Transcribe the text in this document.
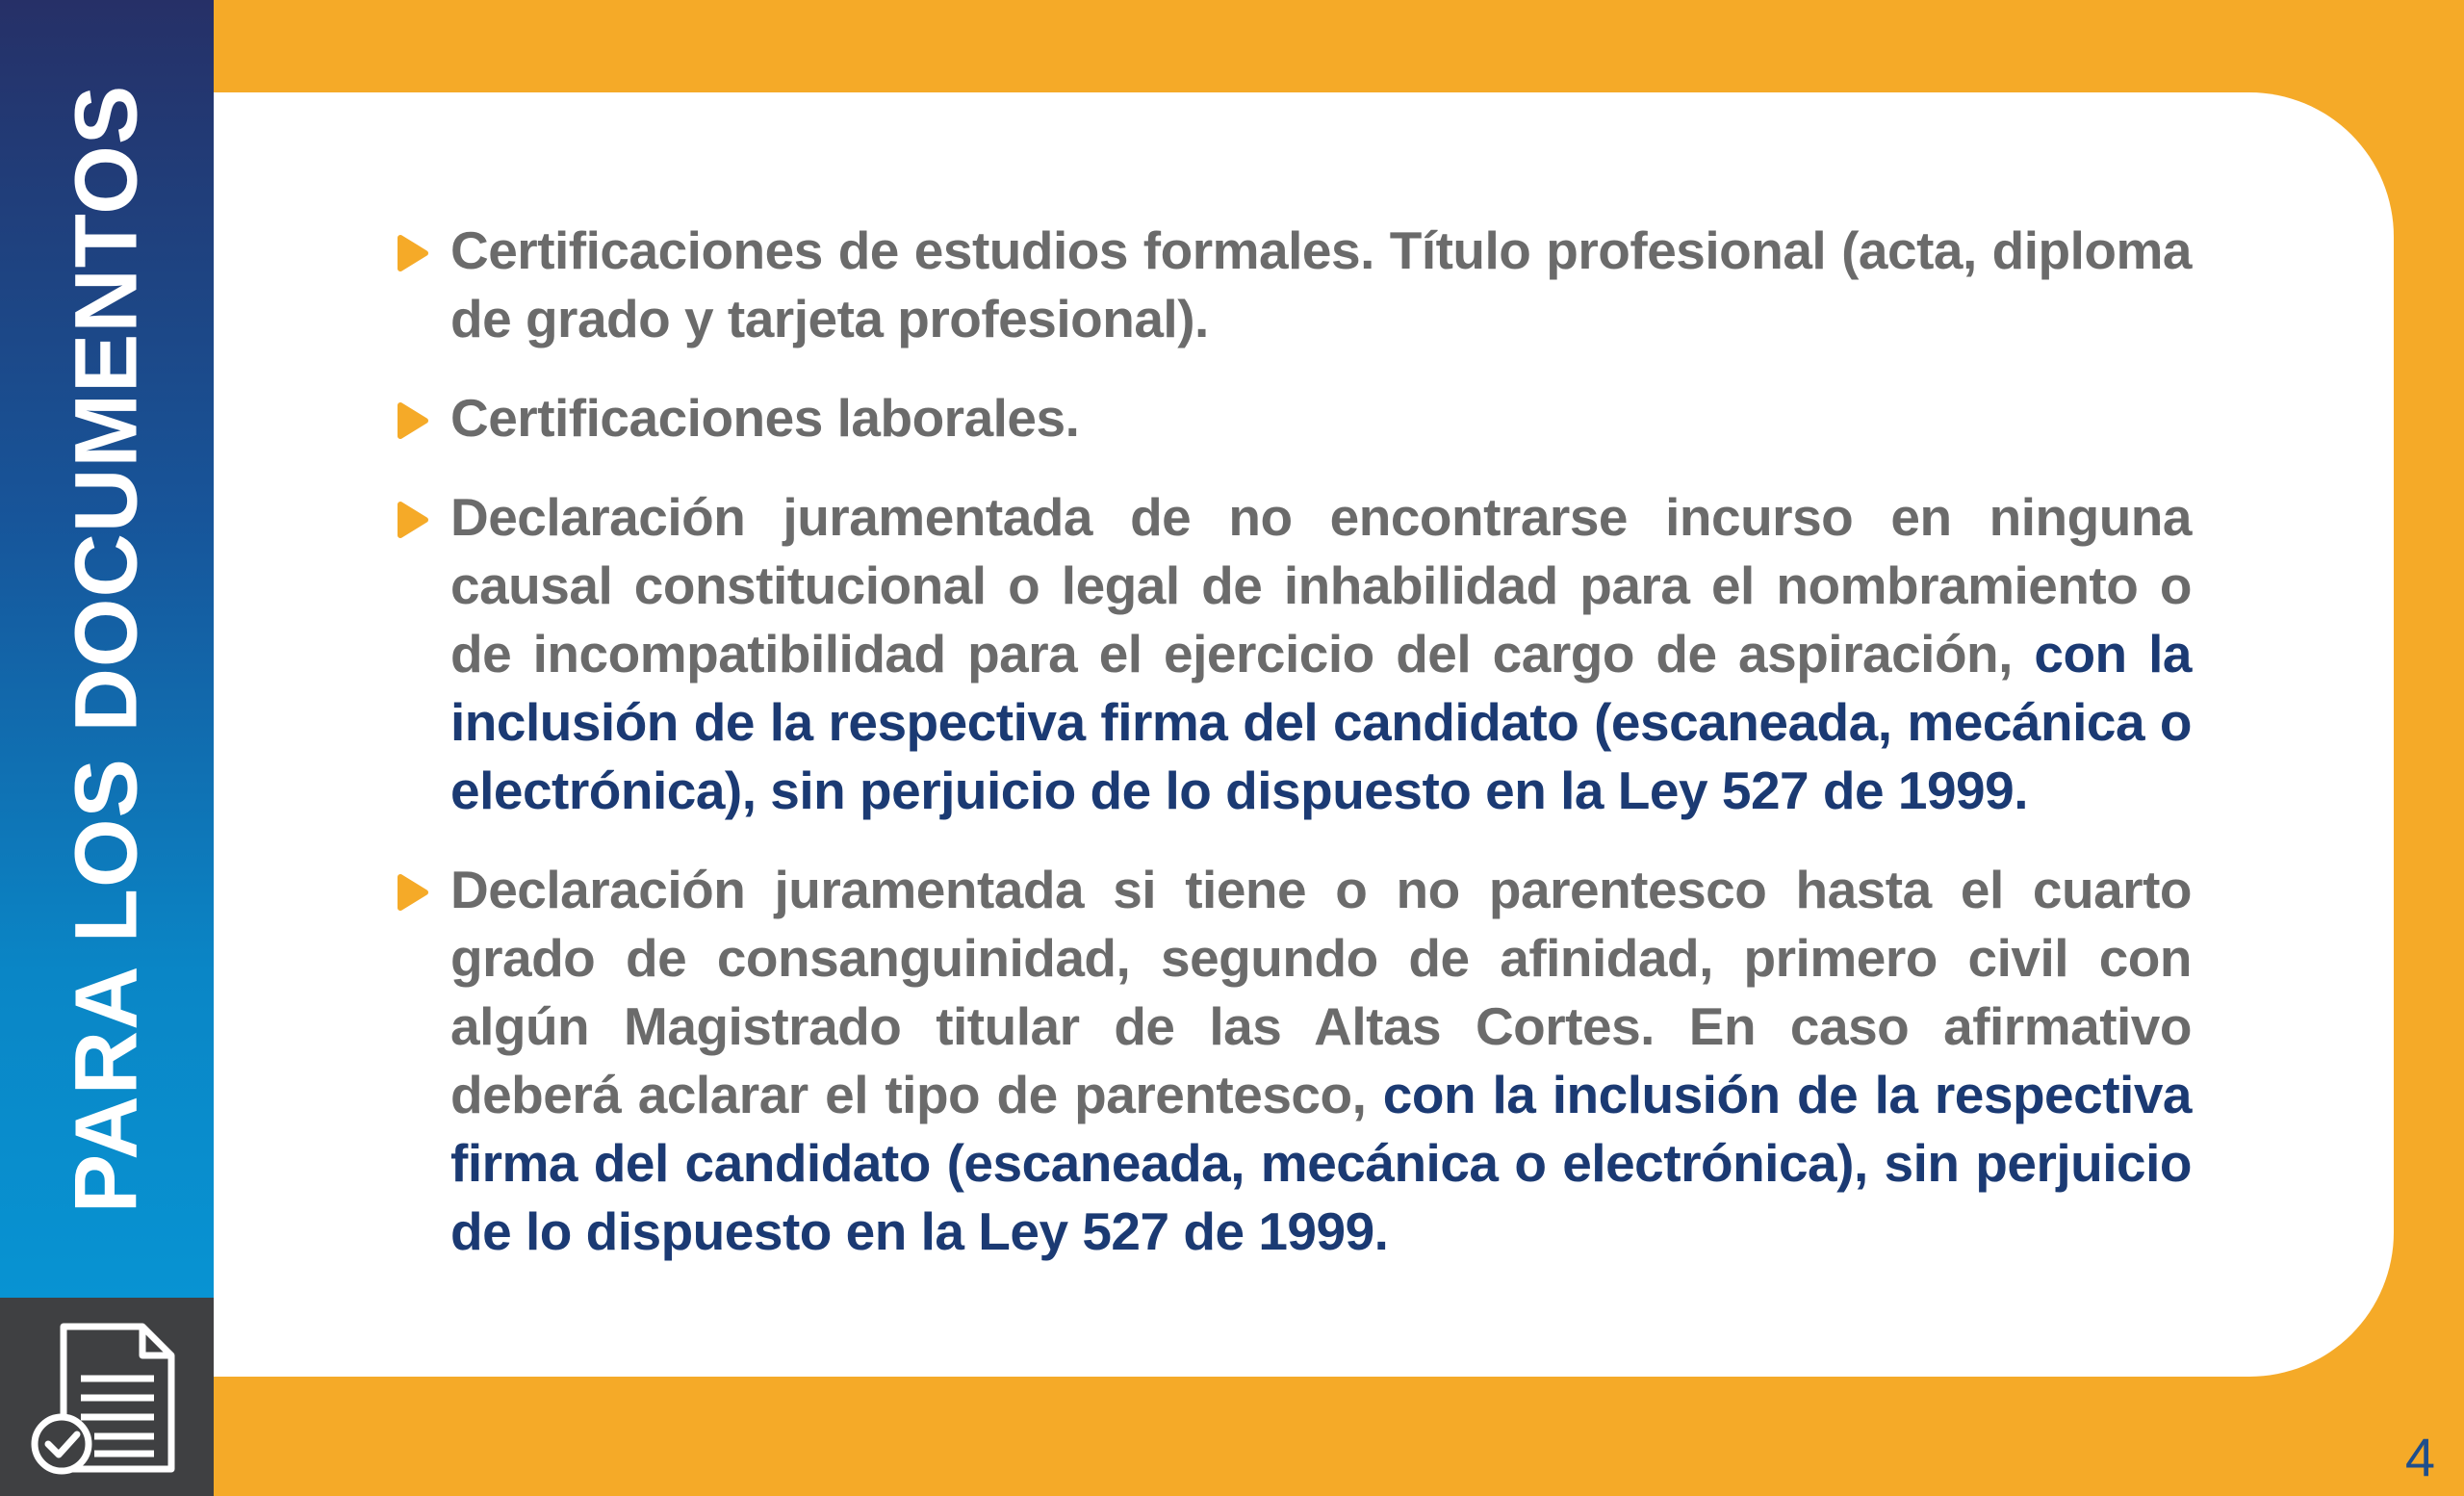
PARA LOS DOCUMENTOS	Certificaciones de estudios formales. Título profesional (acta, diploma de grado y tarjeta profesional).
Certificaciones laborales.
Declaración juramentada de no encontrarse incurso en ninguna causal constitucional o legal de inhabilidad para el nombramiento o de incompatibilidad para el ejercicio del cargo de aspiración, con la inclusión de la respectiva firma del candidato (escaneada, mecánica o electrónica), sin perjuicio de lo dispuesto en la Ley 527 de 1999.
Declaración juramentada si tiene o no parentesco hasta el cuarto grado de consanguinidad, segundo de afinidad, primero civil con algún Magistrado titular de las Altas Cortes. En caso afirmativo deberá aclarar el tipo de parentesco, con la inclusión de la respectiva firma del candidato (escaneada, mecánica o electrónica), sin perjuicio de lo dispuesto en la Ley 527 de 1999.
4
